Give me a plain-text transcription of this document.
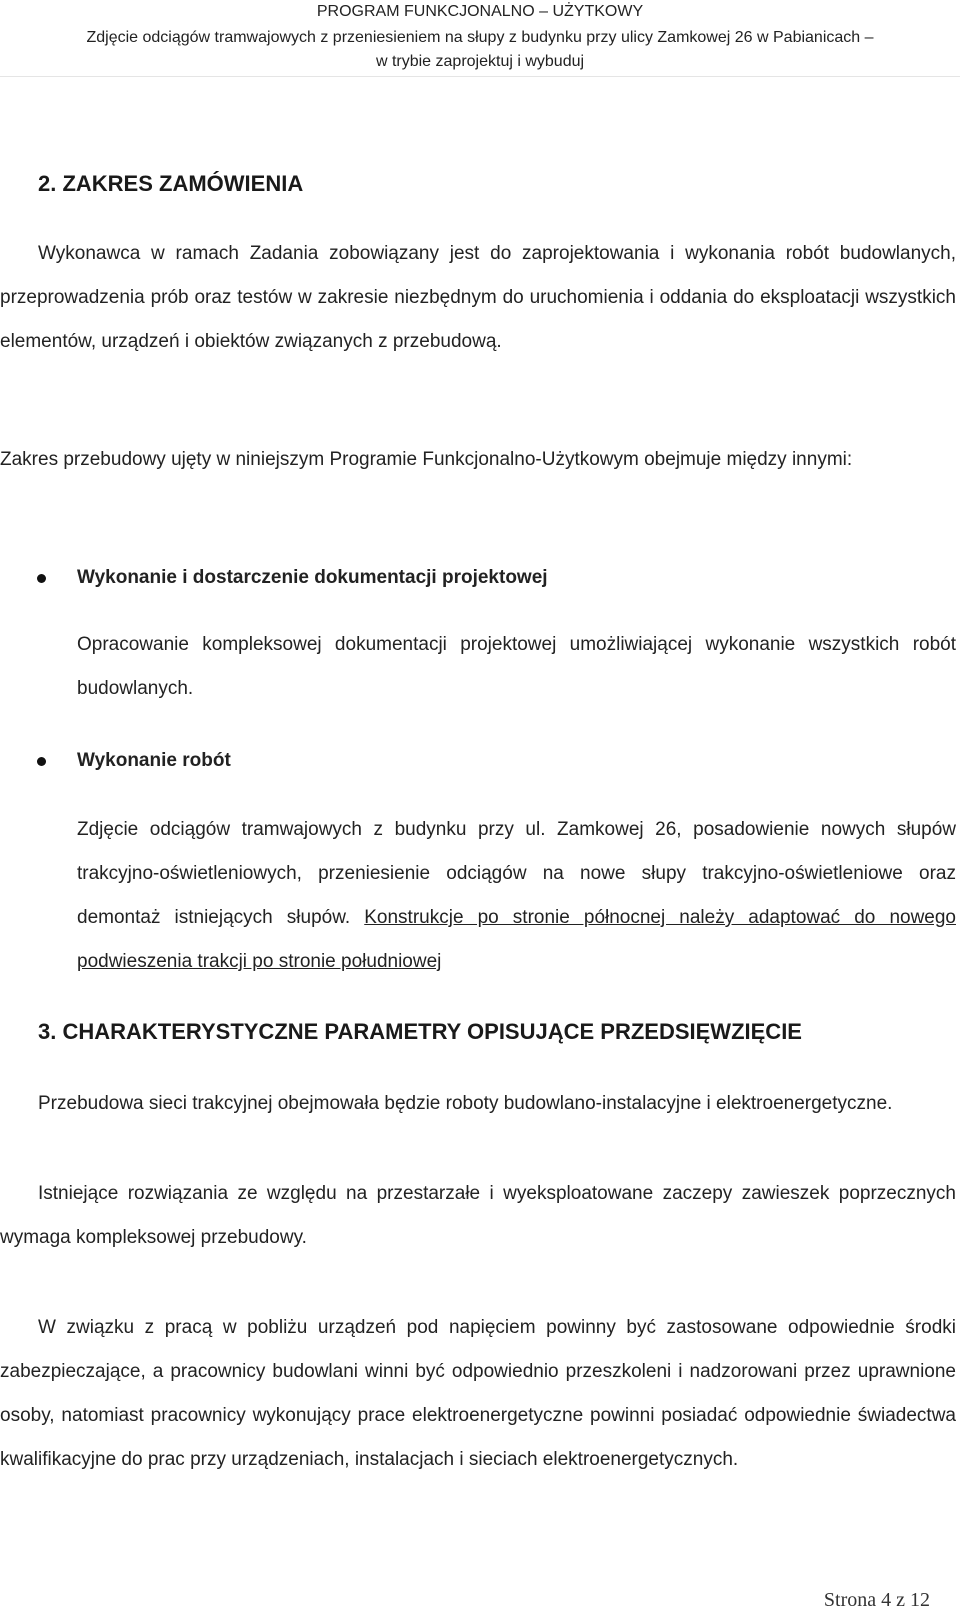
PROGRAM FUNKCJONALNO – UŻYTKOWY
Zdjęcie odciągów tramwajowych z przeniesieniem na słupy z budynku przy ulicy Zamkowej 26 w Pabianicach –
w trybie zaprojektuj i wybuduj
2. ZAKRES ZAMÓWIENIA

Wykonawca w ramach Zadania zobowiązany jest do zaprojektowania i wykonania robót budowlanych, przeprowadzenia prób oraz testów w zakresie niezbędnym do uruchomienia i oddania do eksploatacji wszystkich elementów, urządzeń i obiektów związanych z przebudową.

Zakres przebudowy ujęty w niniejszym Programie Funkcjonalno-Użytkowym obejmuje między innymi:

Wykonanie i dostarczenie dokumentacji projektowej

Opracowanie kompleksowej dokumentacji projektowej umożliwiającej wykonanie wszystkich robót budowlanych.

Wykonanie robót

Zdjęcie odciągów tramwajowych z budynku przy ul. Zamkowej 26, posadowienie nowych słupów trakcyjno-oświetleniowych, przeniesienie odciągów na nowe słupy trakcyjno-oświetleniowe oraz demontaż istniejących słupów. Konstrukcje po stronie północnej należy adaptować do nowego podwieszenia trakcji po stronie południowej

3. CHARAKTERYSTYCZNE PARAMETRY OPISUJĄCE PRZEDSIĘWZIĘCIE

Przebudowa sieci trakcyjnej obejmowała będzie roboty budowlano-instalacyjne i elektroenergetyczne.

Istniejące rozwiązania ze względu na przestarzałe i wyeksploatowane zaczepy zawieszek poprzecznych wymaga kompleksowej przebudowy.

W związku z pracą w pobliżu urządzeń pod napięciem powinny być zastosowane odpowiednie środki zabezpieczające, a pracownicy budowlani winni być odpowiednio przeszkoleni i nadzorowani przez uprawnione osoby, natomiast pracownicy wykonujący prace elektroenergetyczne powinni posiadać odpowiednie świadectwa kwalifikacyjne do prac przy urządzeniach, instalacjach i sieciach elektroenergetycznych.

Strona 4 z 12
